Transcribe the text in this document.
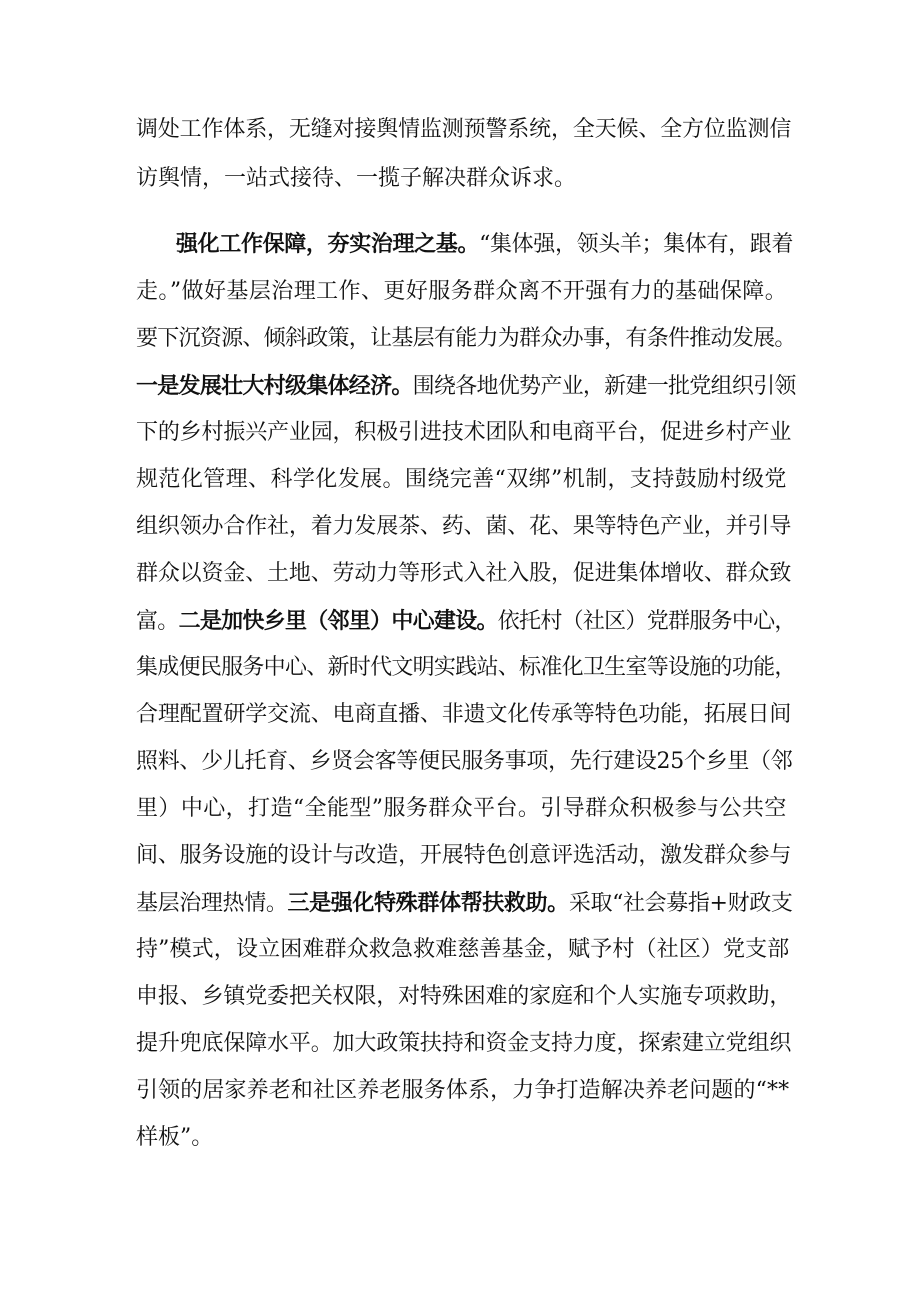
调处工作体系，无缝对接舆情监测预警系统，全天候、全方位监测信
访舆情，一站式接待、一揽子解决群众诉求。
强化工作保障，夯实治理之基。“集体强，领头羊；集体有，跟着
走。”做好基层治理工作、更好服务群众离不开强有力的基础保障。
要下沉资源、倾斜政策，让基层有能力为群众办事，有条件推动发展。
一是发展壮大村级集体经济。围绕各地优势产业，新建一批党组织引领
下的乡村振兴产业园，积极引进技术团队和电商平台，促进乡村产业
规范化管理、科学化发展。围绕完善“双绑”机制，支持鼓励村级党
组织领办合作社，着力发展茶、药、菌、花、果等特色产业，并引导
群众以资金、土地、劳动力等形式入社入股，促进集体增收、群众致
富。二是加快乡里（邻里）中心建设。依托村（社区）党群服务中心，
集成便民服务中心、新时代文明实践站、标准化卫生室等设施的功能，
合理配置研学交流、电商直播、非遗文化传承等特色功能，拓展日间
照料、少儿托育、乡贤会客等便民服务事项，先行建设25个乡里（邻
里）中心，打造“全能型”服务群众平台。引导群众积极参与公共空
间、服务设施的设计与改造，开展特色创意评选活动，激发群众参与
基层治理热情。三是强化特殊群体帮扶救助。采取“社会募指+财政支
持”模式，设立困难群众救急救难慈善基金，赋予村（社区）党支部
申报、乡镇党委把关权限，对特殊困难的家庭和个人实施专项救助，
提升兜底保障水平。加大政策扶持和资金支持力度，探索建立党组织
引领的居家养老和社区养老服务体系，力争打造解决养老问题的“**
样板”。
